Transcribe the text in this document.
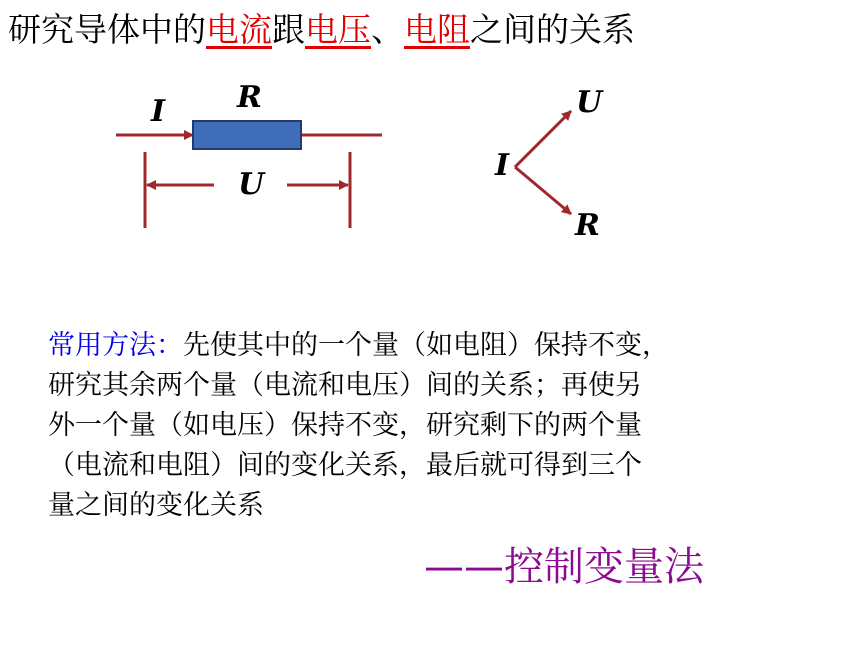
研究导体中的电流跟电压、电阻之间的关系
I R
U
I
U
R

常用方法：先使其中的一个量（如电阻）保持不变，

研究其余两个量（电流和电压）间的关系；再使另

外一个量（如电压）保持不变，研究剩下的两个量

（电流和电阻）间的变化关系，最后就可得到三个

量之间的变化关系

——控制变量法
